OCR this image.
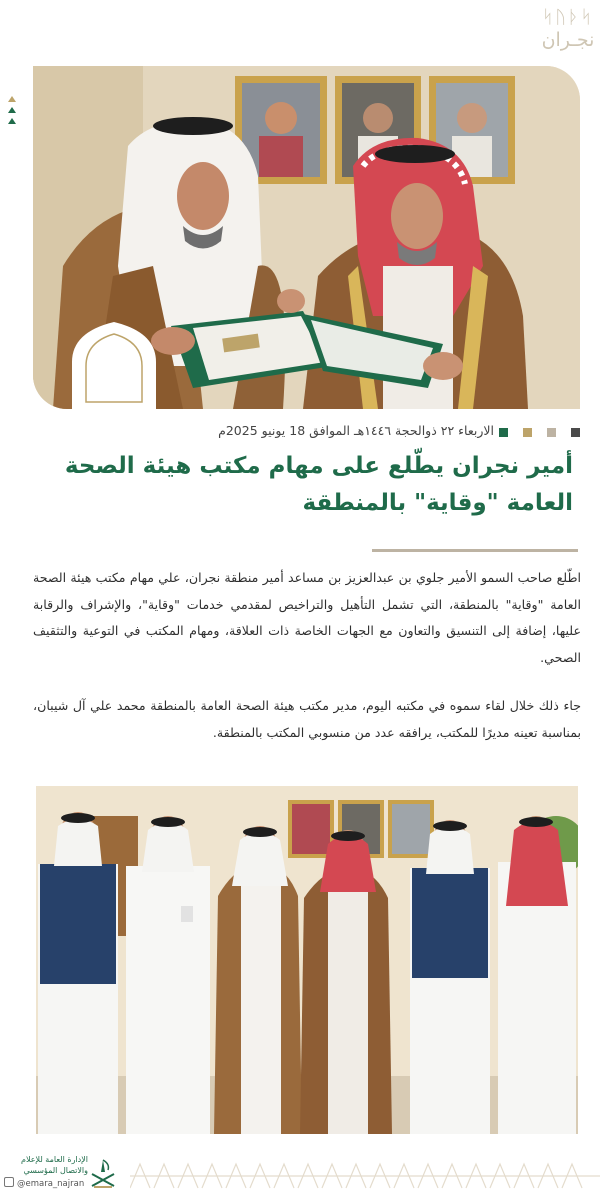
ᛋᚢᚦᛋ
نجـران
الاربعاء ٢٢ ذوالحجة ١٤٤٦هـ الموافق 18 يونيو 2025م
أمير نجران يطّلع على مهام مكتب هيئة الصحة
العامة "وقاية" بالمنطقة
اطّلع صاحب السمو الأمير جلوي بن عبدالعزيز بن مساعد أمير منطقة نجران، علي مهام مكتب هيئة الصحة العامة "وقاية" بالمنطقة، التي تشمل التأهيل والتراخيص لمقدمي خدمات "وقاية"، والإشراف والرقابة عليها، إضافة إلى التنسيق والتعاون مع الجهات الخاصة ذات العلاقة، ومهام المكتب في التوعية والتثقيف الصحي.
جاء ذلك خلال لقاء سموه في مكتبه اليوم، مدير مكتب هيئة الصحة العامة بالمنطقة محمد علي آل شيبان، بمناسبة تعينه مديرًا للمكتب، يرافقه عدد من منسوبي المكتب بالمنطقة.
الإدارة العامة للإعلام
والاتصال المؤسسي
@emara_najran
